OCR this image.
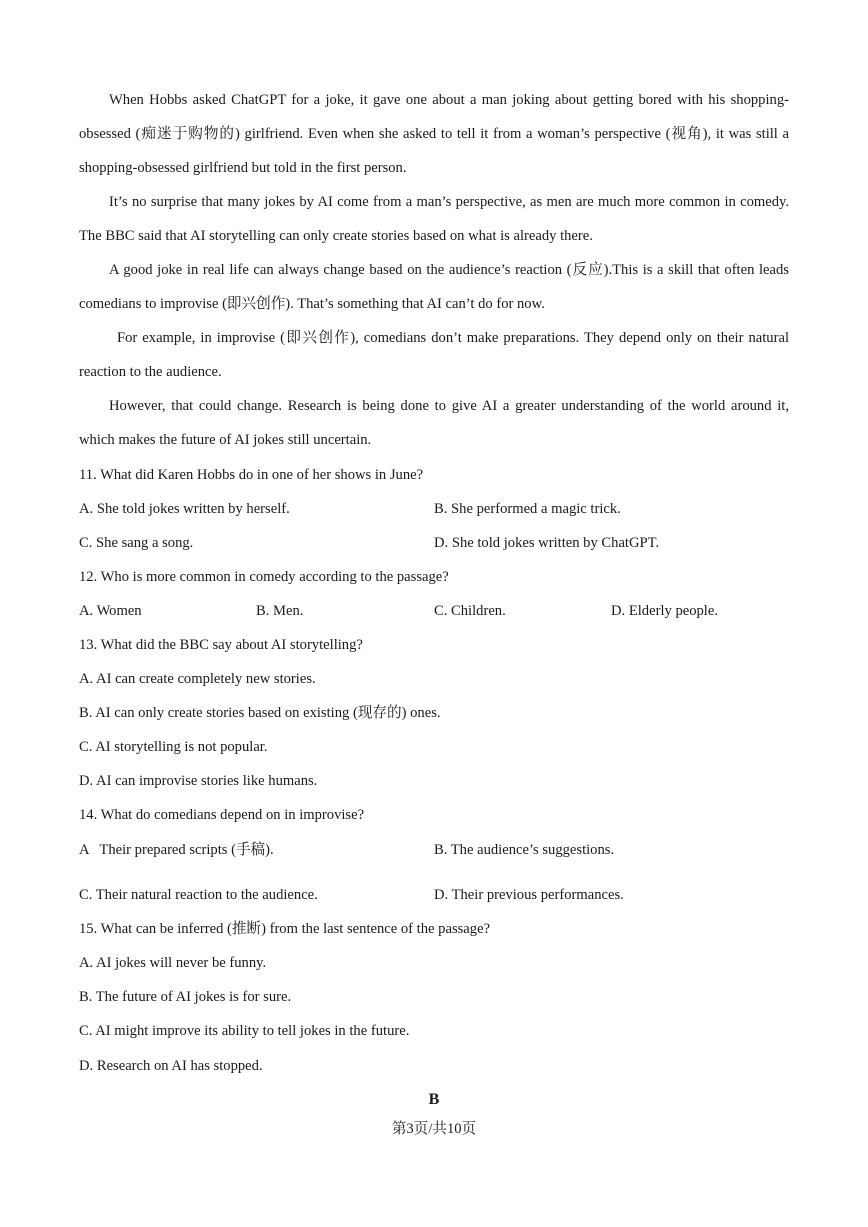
When Hobbs asked ChatGPT for a joke, it gave one about a man joking about getting bored with his shopping-obsessed (痴迷于购物的) girlfriend. Even when she asked to tell it from a woman’s perspective (视角), it was still a shopping-obsessed girlfriend but told in the first person.

It’s no surprise that many jokes by AI come from a man’s perspective, as men are much more common in comedy. The BBC said that AI storytelling can only create stories based on what is already there.

A good joke in real life can always change based on the audience’s reaction (反应).This is a skill that often leads comedians to improvise (即兴创作). That’s something that AI can’t do for now.

For example, in improvise (即兴创作), comedians don’t make preparations. They depend only on their natural reaction to the audience.

However, that could change. Research is being done to give AI a greater understanding of the world around it, which makes the future of AI jokes still uncertain.

11. What did Karen Hobbs do in one of her shows in June?
A. She told jokes written by herself.	B. She performed a magic trick.
C. She sang a song.	D. She told jokes written by ChatGPT.
12. Who is more common in comedy according to the passage?
A. Women	B. Men.	C. Children.	D. Elderly people.
13. What did the BBC say about AI storytelling?
A. AI can create completely new stories.
B. AI can only create stories based on existing (现存的) ones.
C. AI storytelling is not popular.
D. AI can improvise stories like humans.
14. What do comedians depend on in improvise?
A   Their prepared scripts (手稿).	B. The audience’s suggestions.
C. Their natural reaction to the audience.	D. Their previous performances.
15. What can be inferred (推断) from the last sentence of the passage?
A. AI jokes will never be funny.
B. The future of AI jokes is for sure.
C. AI might improve its ability to tell jokes in the future.
D. Research on AI has stopped.
B
第3页/共10页
